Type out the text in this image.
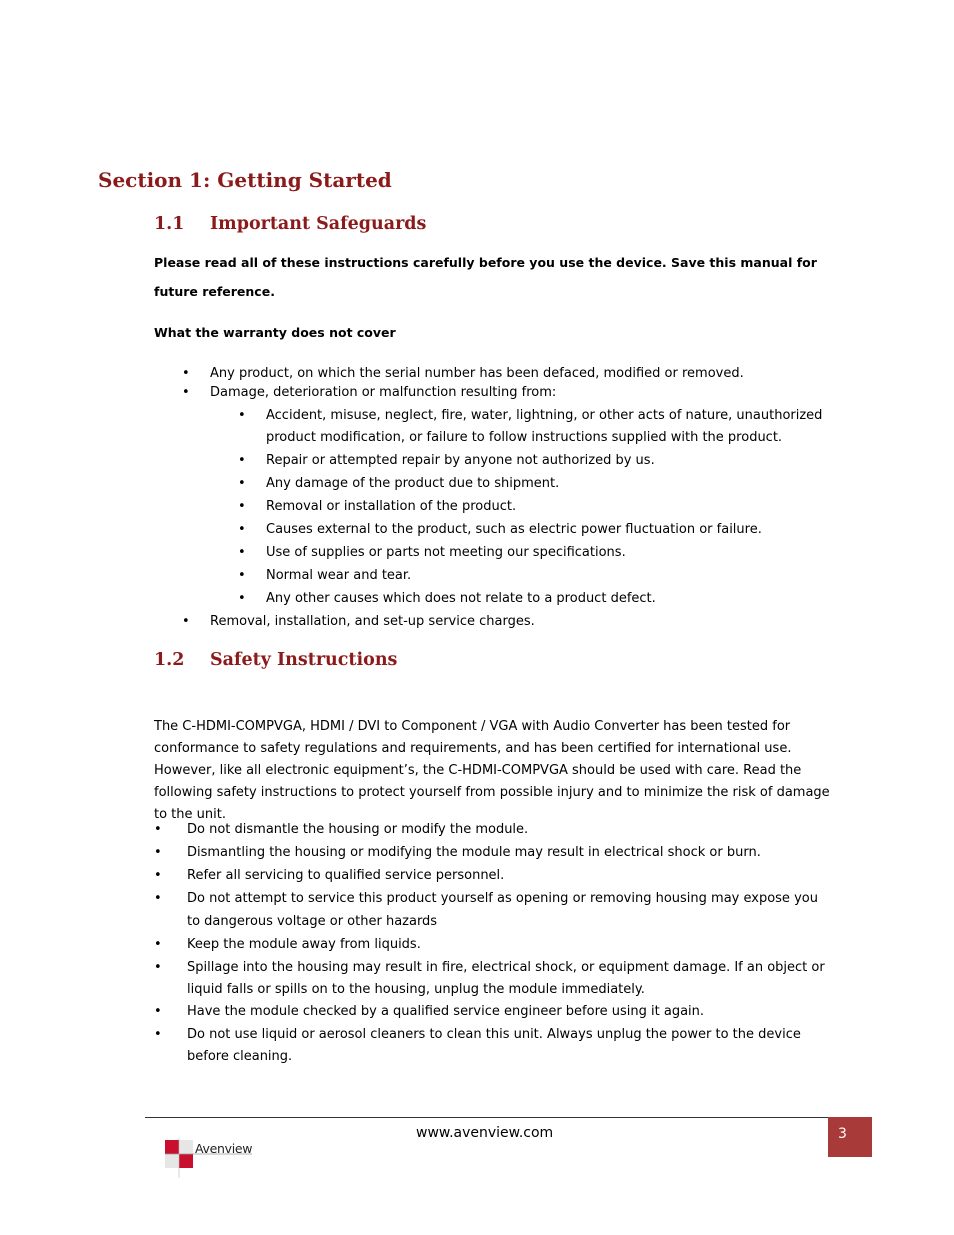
Section 1: Getting Started
1.1 Important Safeguards
Please read all of these instructions carefully before you use the device. Save this manual for future reference.
What the warranty does not cover
•
Any product, on which the serial number has been defaced, modified or removed.
•
Damage, deterioration or malfunction resulting from:
•
Accident, misuse, neglect, fire, water, lightning, or other acts of nature, unauthorized product modification, or failure to follow instructions supplied with the product.
•
Repair or attempted repair by anyone not authorized by us.
•
Any damage of the product due to shipment.
•
Removal or installation of the product.
•
Causes external to the product, such as electric power fluctuation or failure.
•
Use of supplies or parts not meeting our specifications.
•
Normal wear and tear.
•
Any other causes which does not relate to a product defect.
•
Removal, installation, and set-up service charges.
1.2 Safety Instructions
The C-HDMI-COMPVGA, HDMI / DVI to Component / VGA with Audio Converter has been tested for conformance to safety regulations and requirements, and has been certified for international use. However, like all electronic equipment’s, the C-HDMI-COMPVGA should be used with care. Read the following safety instructions to protect yourself from possible injury and to minimize the risk of damage to the unit.
•
Do not dismantle the housing or modify the module.
•
Dismantling the housing or modifying the module may result in electrical shock or burn.
•
Refer all servicing to qualified service personnel.
•
Do not attempt to service this product yourself as opening or removing housing may expose you to dangerous voltage or other hazards
•
Keep the module away from liquids.
•
Spillage into the housing may result in fire, electrical shock, or equipment damage. If an object or liquid falls or spills on to the housing, unplug the module immediately.
•
Have the module checked by a qualified service engineer before using it again.
•
Do not use liquid or aerosol cleaners to clean this unit. Always unplug the power to the device before cleaning.
www.avenview.com	3
Avenview
